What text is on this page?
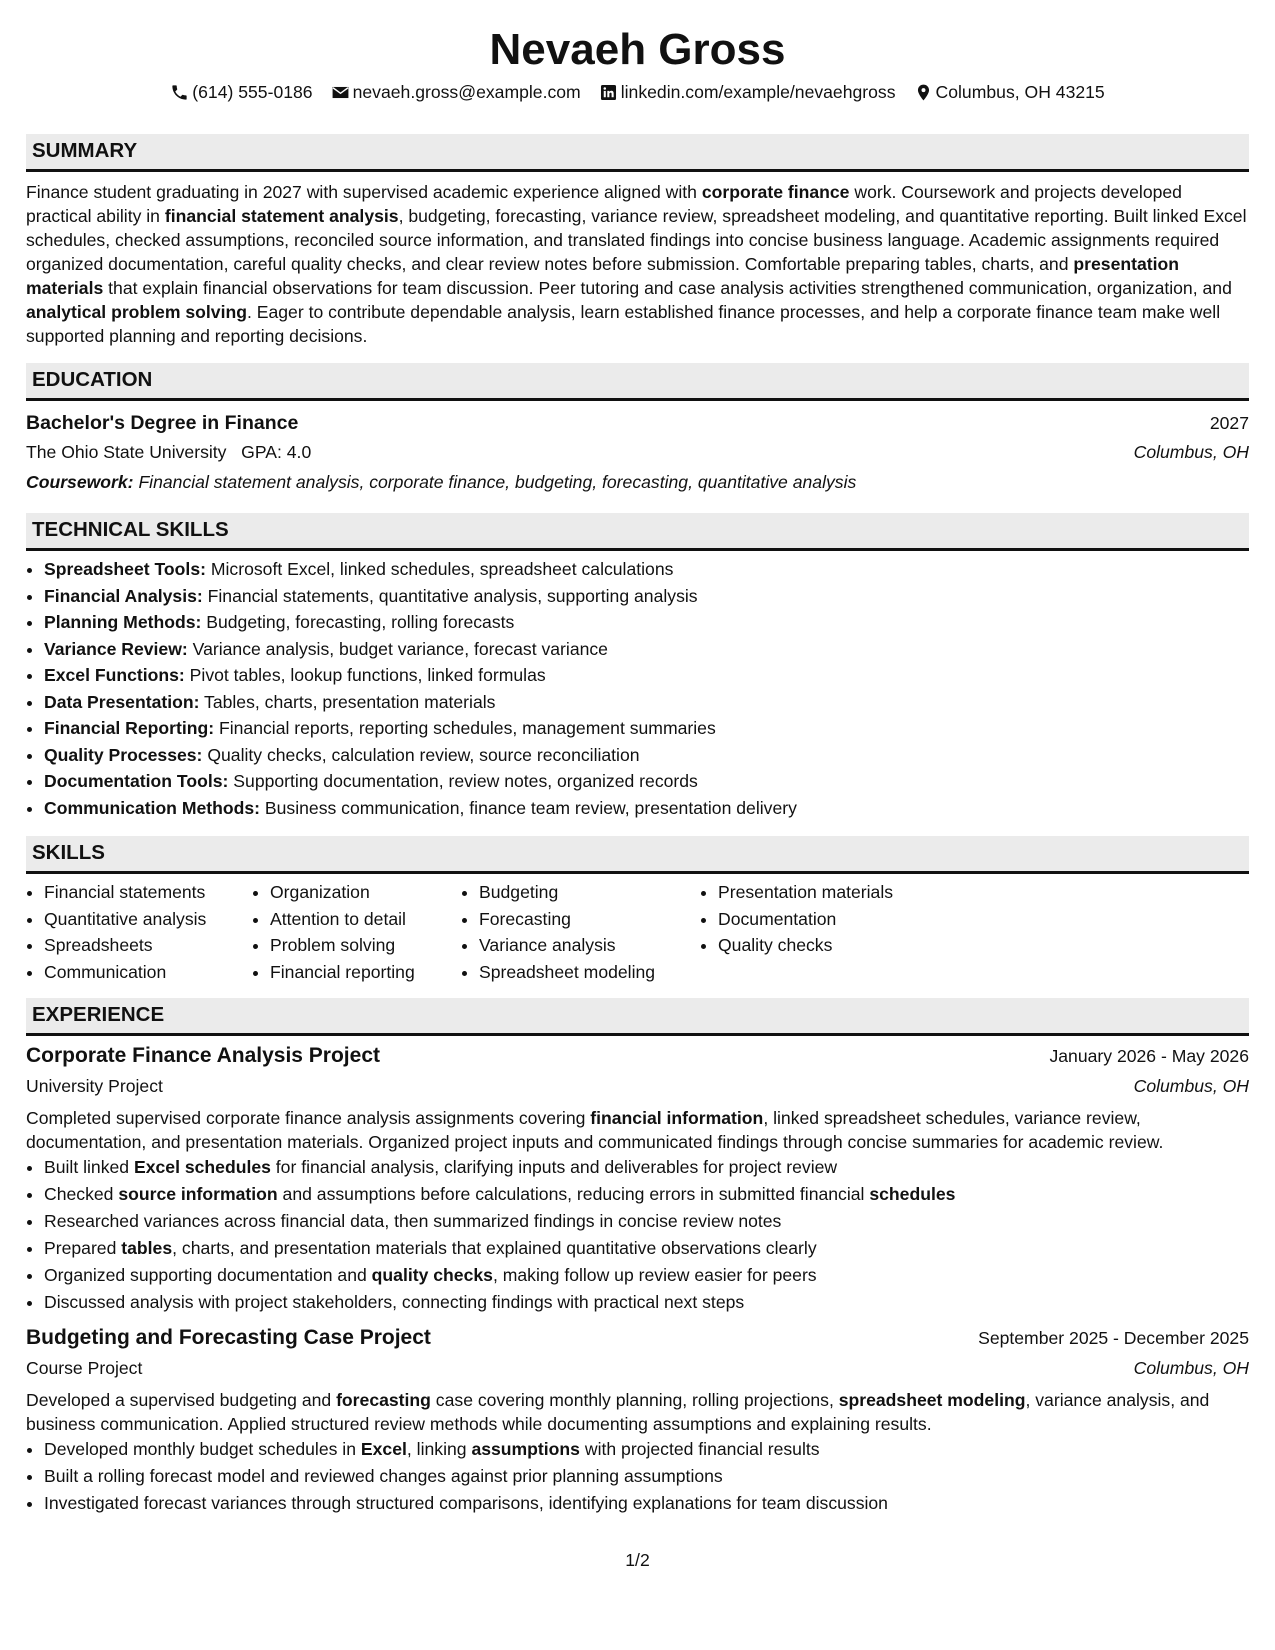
Nevaeh Gross
(614) 555-0186 nevaeh.gross@example.com linkedin.com/example/nevaehgross Columbus, OH 43215
SUMMARY

Finance student graduating in 2027 with supervised academic experience aligned with corporate finance work. Coursework and projects developed practical ability in financial statement analysis, budgeting, forecasting, variance review, spreadsheet modeling, and quantitative reporting. Built linked Excel schedules, checked assumptions, reconciled source information, and translated findings into concise business language. Academic assignments required organized documentation, careful quality checks, and clear review notes before submission. Comfortable preparing tables, charts, and presentation materials that explain financial observations for team discussion. Peer tutoring and case analysis activities strengthened communication, organization, and analytical problem solving. Eager to contribute dependable analysis, learn established finance processes, and help a corporate finance team make well supported planning and reporting decisions.

EDUCATION
Bachelor's Degree in Finance	2027
The Ohio State University GPA: 4.0	Columbus, OH
Coursework: Financial statement analysis, corporate finance, budgeting, forecasting, quantitative analysis
TECHNICAL SKILLS
• Spreadsheet Tools: Microsoft Excel, linked schedules, spreadsheet calculations
• Financial Analysis: Financial statements, quantitative analysis, supporting analysis
• Planning Methods: Budgeting, forecasting, rolling forecasts
• Variance Review: Variance analysis, budget variance, forecast variance
• Excel Functions: Pivot tables, lookup functions, linked formulas
• Data Presentation: Tables, charts, presentation materials
• Financial Reporting: Financial reports, reporting schedules, management summaries
• Quality Processes: Quality checks, calculation review, source reconciliation
• Documentation Tools: Supporting documentation, review notes, organized records
• Communication Methods: Business communication, finance team review, presentation delivery
SKILLS
• Financial statements
• Quantitative analysis
• Spreadsheets
• Communication
• Organization
• Attention to detail
• Problem solving
• Financial reporting
• Budgeting
• Forecasting
• Variance analysis
• Spreadsheet modeling
• Presentation materials
• Documentation
• Quality checks
EXPERIENCE
Corporate Finance Analysis Project	January 2026 - May 2026
University Project	Columbus, OH

Completed supervised corporate finance analysis assignments covering financial information, linked spreadsheet schedules, variance review, documentation, and presentation materials. Organized project inputs and communicated findings through concise summaries for academic review.

• Built linked Excel schedules for financial analysis, clarifying inputs and deliverables for project review
• Checked source information and assumptions before calculations, reducing errors in submitted financial schedules
• Researched variances across financial data, then summarized findings in concise review notes
• Prepared tables, charts, and presentation materials that explained quantitative observations clearly
• Organized supporting documentation and quality checks, making follow up review easier for peers
• Discussed analysis with project stakeholders, connecting findings with practical next steps
Budgeting and Forecasting Case Project	September 2025 - December 2025
Course Project	Columbus, OH

Developed a supervised budgeting and forecasting case covering monthly planning, rolling projections, spreadsheet modeling, variance analysis, and business communication. Applied structured review methods while documenting assumptions and explaining results.

• Developed monthly budget schedules in Excel, linking assumptions with projected financial results
• Built a rolling forecast model and reviewed changes against prior planning assumptions
• Investigated forecast variances through structured comparisons, identifying explanations for team discussion
1/2
